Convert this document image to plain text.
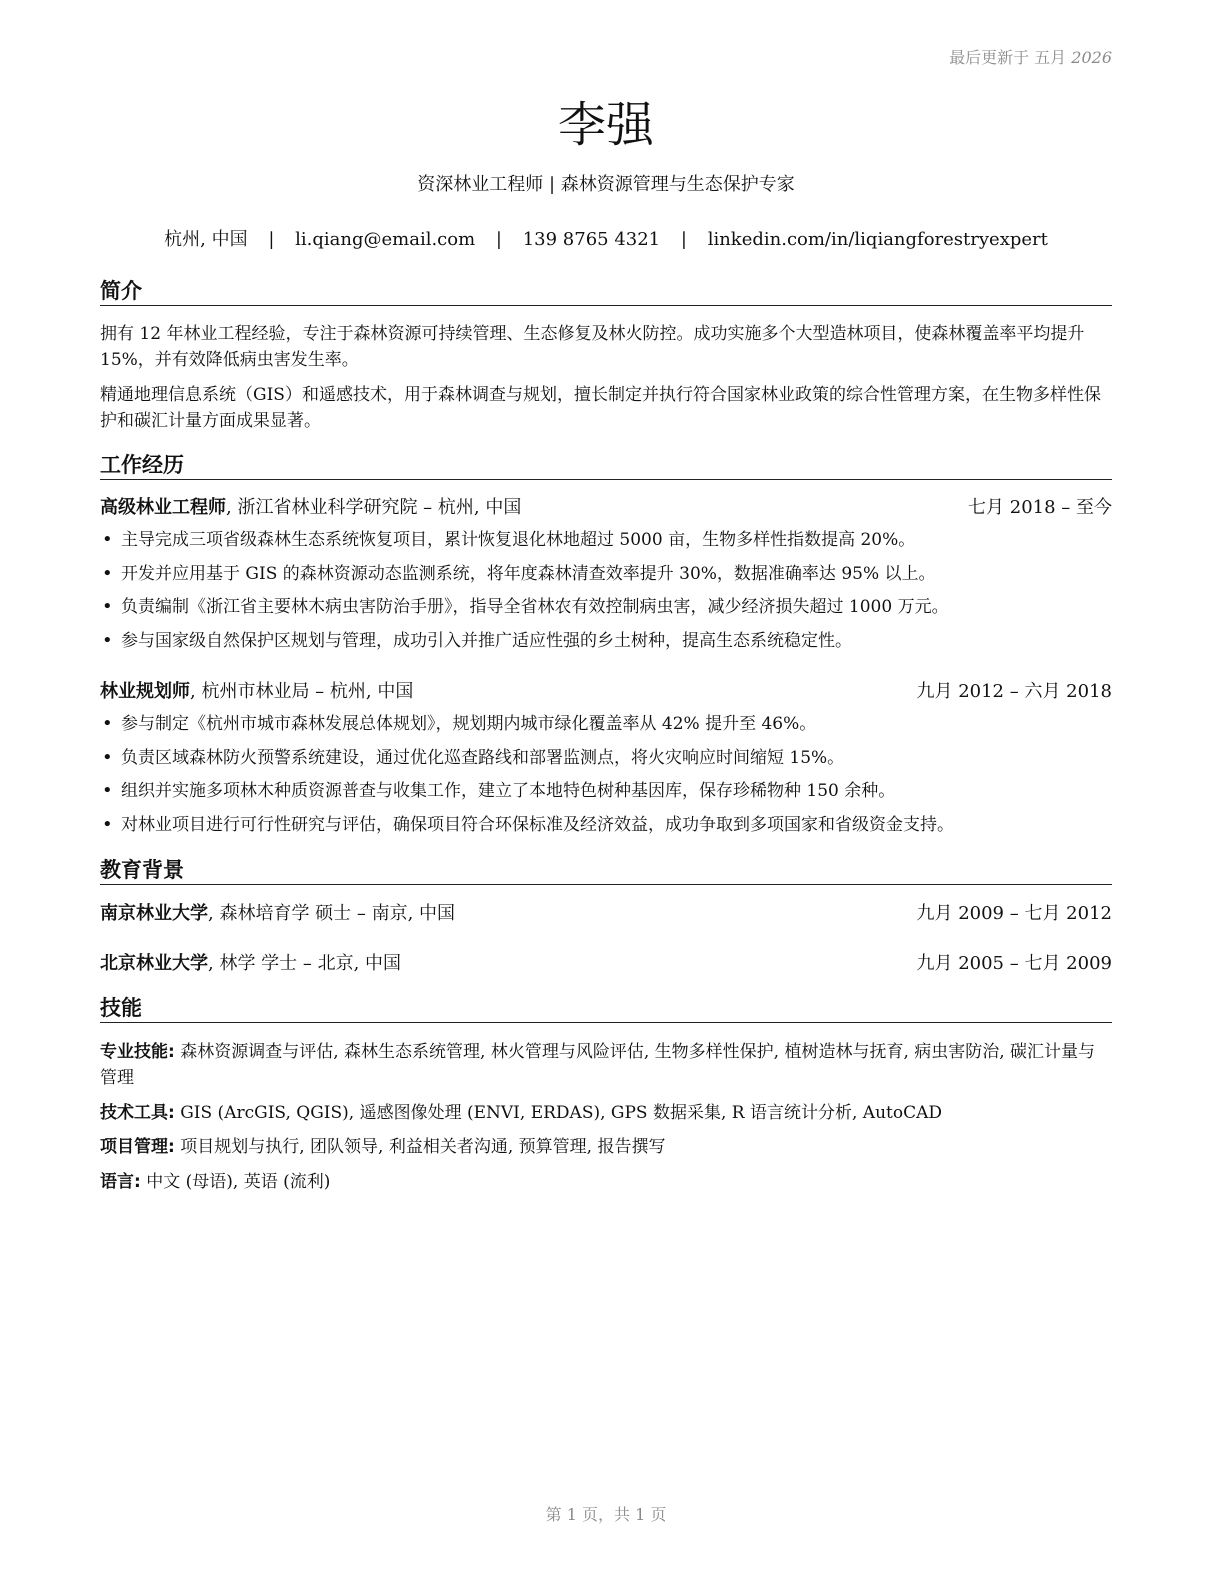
最后更新于 五月 2026
李强
资深林业工程师 | 森林资源管理与生态保护专家
杭州, 中国 | li.qiang@email.com | 139 8765 4321 | linkedin.com/in/liqiangforestryexpert
简介
拥有 12 年林业工程经验，专注于森林资源可持续管理、生态修复及林火防控。成功实施多个大型造林项目，使森林覆盖率平均提升 15%，并有效降低病虫害发生率。
精通地理信息系统（GIS）和遥感技术，用于森林调查与规划，擅长制定并执行符合国家林业政策的综合性管理方案，在生物多样性保护和碳汇计量方面成果显著。
工作经历
高级林业工程师, 浙江省林业科学研究院 – 杭州, 中国	七月 2018 – 至今
• 主导完成三项省级森林生态系统恢复项目，累计恢复退化林地超过 5000 亩，生物多样性指数提高 20%。
• 开发并应用基于 GIS 的森林资源动态监测系统，将年度森林清查效率提升 30%，数据准确率达 95% 以上。
• 负责编制《浙江省主要林木病虫害防治手册》，指导全省林农有效控制病虫害，减少经济损失超过 1000 万元。
• 参与国家级自然保护区规划与管理，成功引入并推广适应性强的乡土树种，提高生态系统稳定性。
林业规划师, 杭州市林业局 – 杭州, 中国	九月 2012 – 六月 2018
• 参与制定《杭州市城市森林发展总体规划》，规划期内城市绿化覆盖率从 42% 提升至 46%。
• 负责区域森林防火预警系统建设，通过优化巡查路线和部署监测点，将火灾响应时间缩短 15%。
• 组织并实施多项林木种质资源普查与收集工作，建立了本地特色树种基因库，保存珍稀物种 150 余种。
• 对林业项目进行可行性研究与评估，确保项目符合环保标准及经济效益，成功争取到多项国家和省级资金支持。
教育背景
南京林业大学, 森林培育学 硕士 – 南京, 中国	九月 2009 – 七月 2012
北京林业大学, 林学 学士 – 北京, 中国	九月 2005 – 七月 2009
技能
专业技能: 森林资源调查与评估, 森林生态系统管理, 林火管理与风险评估, 生物多样性保护, 植树造林与抚育, 病虫害防治, 碳汇计量与管理
技术工具: GIS (ArcGIS, QGIS), 遥感图像处理 (ENVI, ERDAS), GPS 数据采集, R 语言统计分析, AutoCAD
项目管理: 项目规划与执行, 团队领导, 利益相关者沟通, 预算管理, 报告撰写
语言: 中文 (母语), 英语 (流利)
第 1 页，共 1 页
